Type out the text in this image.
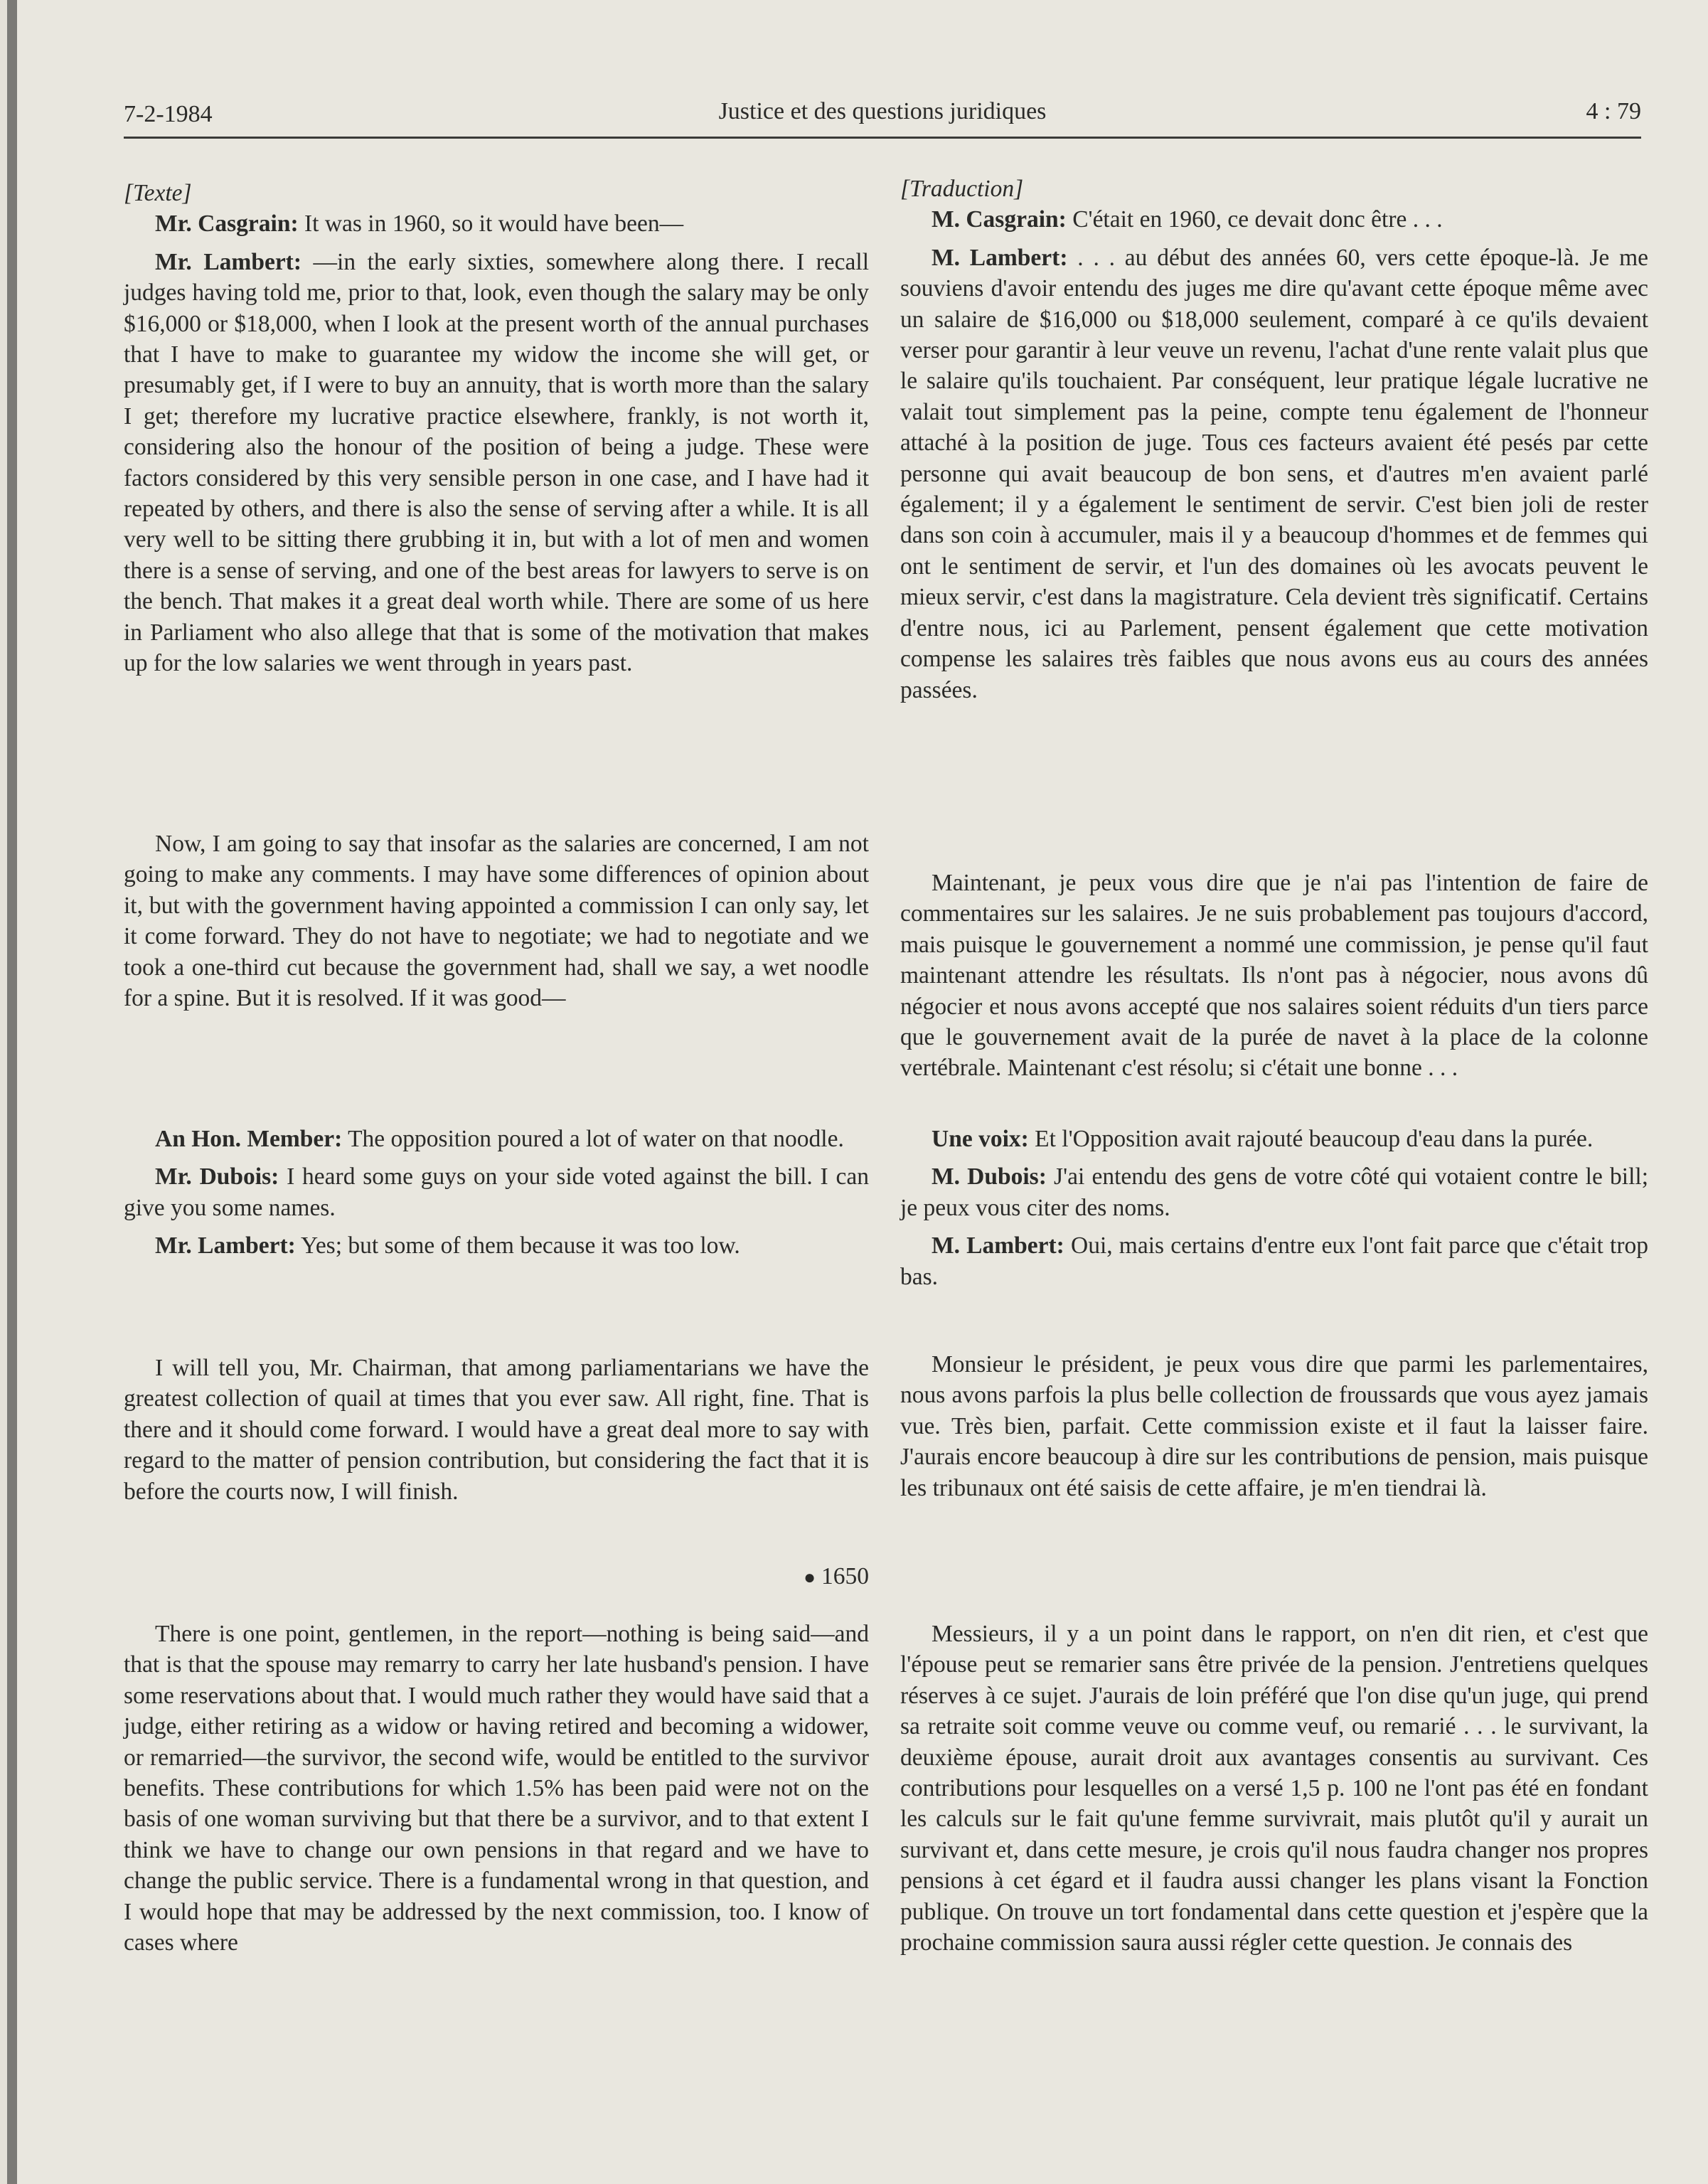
7-2-1984	Justice et des questions juridiques	4 : 79

[Texte]

Mr. Casgrain: It was in 1960, so it would have been—

Mr. Lambert: —in the early sixties, somewhere along there. I recall judges having told me, prior to that, look, even though the salary may be only $16,000 or $18,000, when I look at the present worth of the annual purchases that I have to make to guarantee my widow the income she will get, or presumably get, if I were to buy an annuity, that is worth more than the salary I get; therefore my lucrative practice elsewhere, frankly, is not worth it, considering also the honour of the position of being a judge. These were factors considered by this very sensible person in one case, and I have had it repeated by others, and there is also the sense of serving after a while. It is all very well to be sitting there grubbing it in, but with a lot of men and women there is a sense of serving, and one of the best areas for lawyers to serve is on the bench. That makes it a great deal worth while. There are some of us here in Parliament who also allege that that is some of the motivation that makes up for the low salaries we went through in years past.

Now, I am going to say that insofar as the salaries are concerned, I am not going to make any comments. I may have some differences of opinion about it, but with the government having appointed a commission I can only say, let it come forward. They do not have to negotiate; we had to negotiate and we took a one-third cut because the government had, shall we say, a wet noodle for a spine. But it is resolved. If it was good—

An Hon. Member: The opposition poured a lot of water on that noodle.

Mr. Dubois: I heard some guys on your side voted against the bill. I can give you some names.

Mr. Lambert: Yes; but some of them because it was too low.

I will tell you, Mr. Chairman, that among parliamentarians we have the greatest collection of quail at times that you ever saw. All right, fine. That is there and it should come forward. I would have a great deal more to say with regard to the matter of pension contribution, but considering the fact that it is before the courts now, I will finish.

● 1650

There is one point, gentlemen, in the report—nothing is being said—and that is that the spouse may remarry to carry her late husband's pension. I have some reservations about that. I would much rather they would have said that a judge, either retiring as a widow or having retired and becoming a widower, or remarried—the survivor, the second wife, would be entitled to the survivor benefits. These contributions for which 1.5% has been paid were not on the basis of one woman surviving but that there be a survivor, and to that extent I think we have to change our own pensions in that regard and we have to change the public service. There is a fundamental wrong in that question, and I would hope that may be addressed by the next commission, too. I know of cases where

[Traduction]

M. Casgrain: C'était en 1960, ce devait donc être . . .

M. Lambert: . . . au début des années 60, vers cette époque-là. Je me souviens d'avoir entendu des juges me dire qu'avant cette époque même avec un salaire de $16,000 ou $18,000 seulement, comparé à ce qu'ils devaient verser pour garantir à leur veuve un revenu, l'achat d'une rente valait plus que le salaire qu'ils touchaient. Par conséquent, leur pratique légale lucrative ne valait tout simplement pas la peine, compte tenu également de l'honneur attaché à la position de juge. Tous ces facteurs avaient été pesés par cette personne qui avait beaucoup de bon sens, et d'autres m'en avaient parlé également; il y a également le sentiment de servir. C'est bien joli de rester dans son coin à accumuler, mais il y a beaucoup d'hommes et de femmes qui ont le sentiment de servir, et l'un des domaines où les avocats peuvent le mieux servir, c'est dans la magistrature. Cela devient très significatif. Certains d'entre nous, ici au Parlement, pensent également que cette motivation compense les salaires très faibles que nous avons eus au cours des années passées.

Maintenant, je peux vous dire que je n'ai pas l'intention de faire de commentaires sur les salaires. Je ne suis probablement pas toujours d'accord, mais puisque le gouvernement a nommé une commission, je pense qu'il faut maintenant attendre les résultats. Ils n'ont pas à négocier, nous avons dû négocier et nous avons accepté que nos salaires soient réduits d'un tiers parce que le gouvernement avait de la purée de navet à la place de la colonne vertébrale. Maintenant c'est résolu; si c'était une bonne . . .

Une voix: Et l'Opposition avait rajouté beaucoup d'eau dans la purée.

M. Dubois: J'ai entendu des gens de votre côté qui votaient contre le bill; je peux vous citer des noms.

M. Lambert: Oui, mais certains d'entre eux l'ont fait parce que c'était trop bas.

Monsieur le président, je peux vous dire que parmi les parlementaires, nous avons parfois la plus belle collection de froussards que vous ayez jamais vue. Très bien, parfait. Cette commission existe et il faut la laisser faire. J'aurais encore beaucoup à dire sur les contributions de pension, mais puisque les tribunaux ont été saisis de cette affaire, je m'en tiendrai là.

Messieurs, il y a un point dans le rapport, on n'en dit rien, et c'est que l'épouse peut se remarier sans être privée de la pension. J'entretiens quelques réserves à ce sujet. J'aurais de loin préféré que l'on dise qu'un juge, qui prend sa retraite soit comme veuve ou comme veuf, ou remarié . . . le survivant, la deuxième épouse, aurait droit aux avantages consentis au survivant. Ces contributions pour lesquelles on a versé 1,5 p. 100 ne l'ont pas été en fondant les calculs sur le fait qu'une femme survivrait, mais plutôt qu'il y aurait un survivant et, dans cette mesure, je crois qu'il nous faudra changer nos propres pensions à cet égard et il faudra aussi changer les plans visant la Fonction publique. On trouve un tort fondamental dans cette question et j'espère que la prochaine commission saura aussi régler cette question. Je connais des
